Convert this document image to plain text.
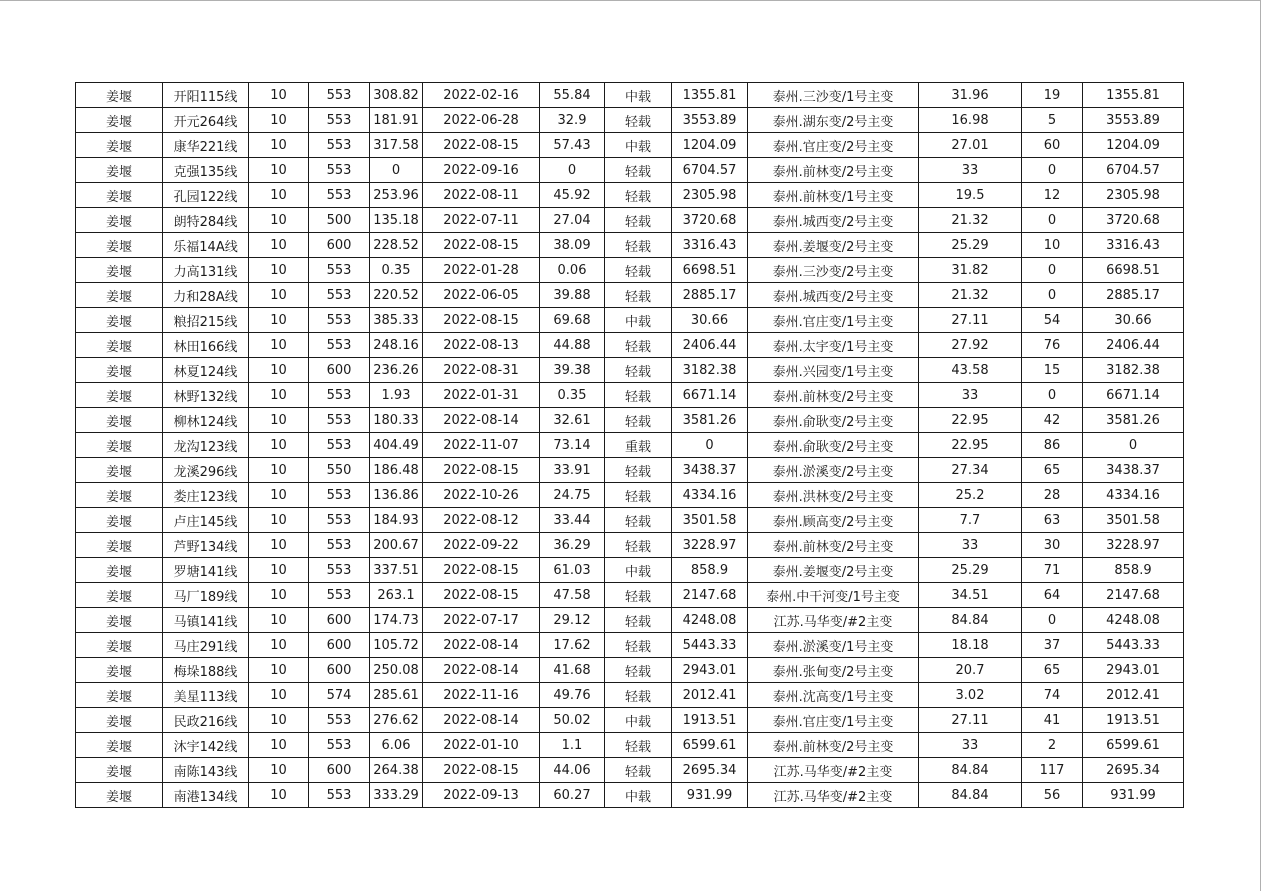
姜堰	开阳115线	10	553	308.82	2022-02-16	55.84	中载	1355.81	泰州.三沙变/1号主变	31.96	19	1355.81
姜堰	开元264线	10	553	181.91	2022-06-28	32.9	轻载	3553.89	泰州.湖东变/2号主变	16.98	5	3553.89
姜堰	康华221线	10	553	317.58	2022-08-15	57.43	中载	1204.09	泰州.官庄变/2号主变	27.01	60	1204.09
姜堰	克强135线	10	553	0	2022-09-16	0	轻载	6704.57	泰州.前林变/2号主变	33	0	6704.57
姜堰	孔园122线	10	553	253.96	2022-08-11	45.92	轻载	2305.98	泰州.前林变/1号主变	19.5	12	2305.98
姜堰	朗特284线	10	500	135.18	2022-07-11	27.04	轻载	3720.68	泰州.城西变/2号主变	21.32	0	3720.68
姜堰	乐福14A线	10	600	228.52	2022-08-15	38.09	轻载	3316.43	泰州.姜堰变/2号主变	25.29	10	3316.43
姜堰	力高131线	10	553	0.35	2022-01-28	0.06	轻载	6698.51	泰州.三沙变/2号主变	31.82	0	6698.51
姜堰	力和28A线	10	553	220.52	2022-06-05	39.88	轻载	2885.17	泰州.城西变/2号主变	21.32	0	2885.17
姜堰	粮招215线	10	553	385.33	2022-08-15	69.68	中载	30.66	泰州.官庄变/1号主变	27.11	54	30.66
姜堰	林田166线	10	553	248.16	2022-08-13	44.88	轻载	2406.44	泰州.太宇变/1号主变	27.92	76	2406.44
姜堰	林夏124线	10	600	236.26	2022-08-31	39.38	轻载	3182.38	泰州.兴园变/1号主变	43.58	15	3182.38
姜堰	林野132线	10	553	1.93	2022-01-31	0.35	轻载	6671.14	泰州.前林变/2号主变	33	0	6671.14
姜堰	柳林124线	10	553	180.33	2022-08-14	32.61	轻载	3581.26	泰州.俞耿变/2号主变	22.95	42	3581.26
姜堰	龙沟123线	10	553	404.49	2022-11-07	73.14	重载	0	泰州.俞耿变/2号主变	22.95	86	0
姜堰	龙溪296线	10	550	186.48	2022-08-15	33.91	轻载	3438.37	泰州.淤溪变/2号主变	27.34	65	3438.37
姜堰	娄庄123线	10	553	136.86	2022-10-26	24.75	轻载	4334.16	泰州.洪林变/2号主变	25.2	28	4334.16
姜堰	卢庄145线	10	553	184.93	2022-08-12	33.44	轻载	3501.58	泰州.顾高变/2号主变	7.7	63	3501.58
姜堰	芦野134线	10	553	200.67	2022-09-22	36.29	轻载	3228.97	泰州.前林变/2号主变	33	30	3228.97
姜堰	罗塘141线	10	553	337.51	2022-08-15	61.03	中载	858.9	泰州.姜堰变/2号主变	25.29	71	858.9
姜堰	马厂189线	10	553	263.1	2022-08-15	47.58	轻载	2147.68	泰州.中干河变/1号主变	34.51	64	2147.68
姜堰	马镇141线	10	600	174.73	2022-07-17	29.12	轻载	4248.08	江苏.马华变/#2主变	84.84	0	4248.08
姜堰	马庄291线	10	600	105.72	2022-08-14	17.62	轻载	5443.33	泰州.淤溪变/1号主变	18.18	37	5443.33
姜堰	梅垛188线	10	600	250.08	2022-08-14	41.68	轻载	2943.01	泰州.张甸变/2号主变	20.7	65	2943.01
姜堰	美星113线	10	574	285.61	2022-11-16	49.76	轻载	2012.41	泰州.沈高变/1号主变	3.02	74	2012.41
姜堰	民政216线	10	553	276.62	2022-08-14	50.02	中载	1913.51	泰州.官庄变/1号主变	27.11	41	1913.51
姜堰	沐宇142线	10	553	6.06	2022-01-10	1.1	轻载	6599.61	泰州.前林变/2号主变	33	2	6599.61
姜堰	南陈143线	10	600	264.38	2022-08-15	44.06	轻载	2695.34	江苏.马华变/#2主变	84.84	117	2695.34
姜堰	南港134线	10	553	333.29	2022-09-13	60.27	中载	931.99	江苏.马华变/#2主变	84.84	56	931.99
